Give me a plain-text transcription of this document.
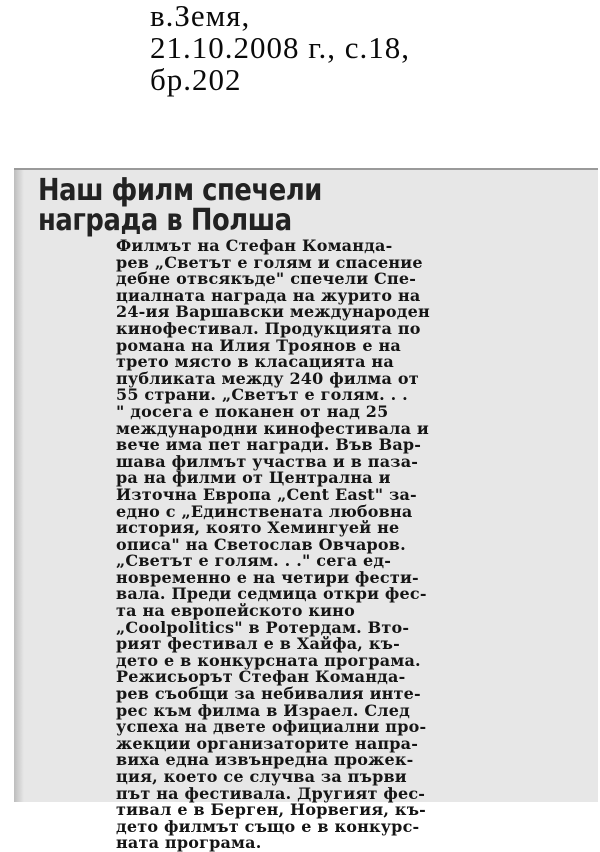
в.Земя,
21.10.2008 г., с.18,
бр.202
Наш филм спечели
награда в Полша
Филмът на Стефан Командa-
рев „Светът е голям и спасение
дебне отвсякъде" спечели Спе-
циалната награда на журито на
24-ия Варшавски международен
кинофестивал. Продукцията по
романа на Илия Троянов е на
трето място в класацията на
публиката между 240 филма от
55 страни. „Светът е голям. . .
" досега е поканен от над 25
международни кинофестивала и
вече има пет награди. Във Вар-
шава филмът участва и в паза-
ра на филми от Централна и
Източна Европа „Cent East" за-
едно с „Единствената любовна
история, която Хемингуей не
описа" на Светослав Овчаров.
„Светът е голям. . ." сега ед-
новременно е на четири фести-
вала. Преди седмица откри фес-
та на европейското кино
„Coolpolitics" в Ротердам. Вто-
рият фестивал е в Хайфа, къ-
дето е в конкурсната програма.
Режисьорът Стефан Командa-
рев съобщи за небивалия инте-
рес към филма в Израел. След
успеха на двете официални про-
жекции организаторите напра-
виха една извънредна прожек-
ция, което се случва за първи
път на фестивала. Другият фес-
тивал е в Берген, Норвегия, къ-
дето филмът също е в конкурс-
ната програма.
